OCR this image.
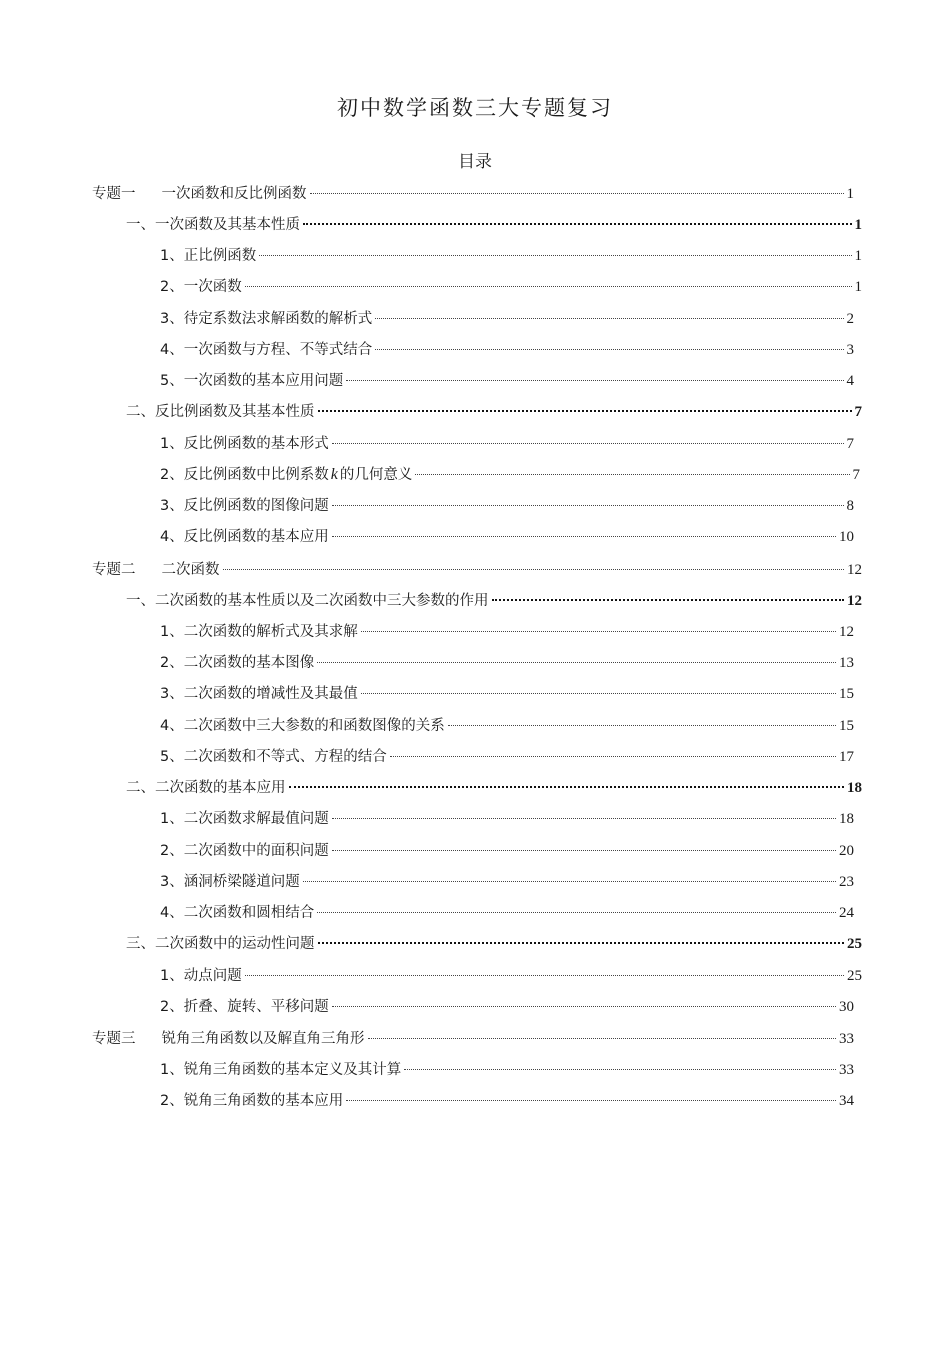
初中数学函数三大专题复习
目录
专题一 一次函数和反比例函数	1
一、一次函数及其基本性质	1
1、正比例函数	1
2、一次函数	1
3、待定系数法求解函数的解析式	2
4、一次函数与方程、不等式结合	3
5、一次函数的基本应用问题	4
二、反比例函数及其基本性质	7
1、反比例函数的基本形式	7
2、反比例函数中比例系数 k 的几何意义	7
3、反比例函数的图像问题	8
4、反比例函数的基本应用	10
专题二 二次函数	12
一、二次函数的基本性质以及二次函数中三大参数的作用	12
1、二次函数的解析式及其求解	12
2、二次函数的基本图像	13
3、二次函数的增减性及其最值	15
4、二次函数中三大参数的和函数图像的关系	15
5、二次函数和不等式、方程的结合	17
二、二次函数的基本应用	18
1、二次函数求解最值问题	18
2、二次函数中的面积问题	20
3、涵洞桥梁隧道问题	23
4、二次函数和圆相结合	24
三、二次函数中的运动性问题	25
1、动点问题	25
2、折叠、旋转、平移问题	30
专题三 锐角三角函数以及解直角三角形	33
1、锐角三角函数的基本定义及其计算	33
2、锐角三角函数的基本应用	34
